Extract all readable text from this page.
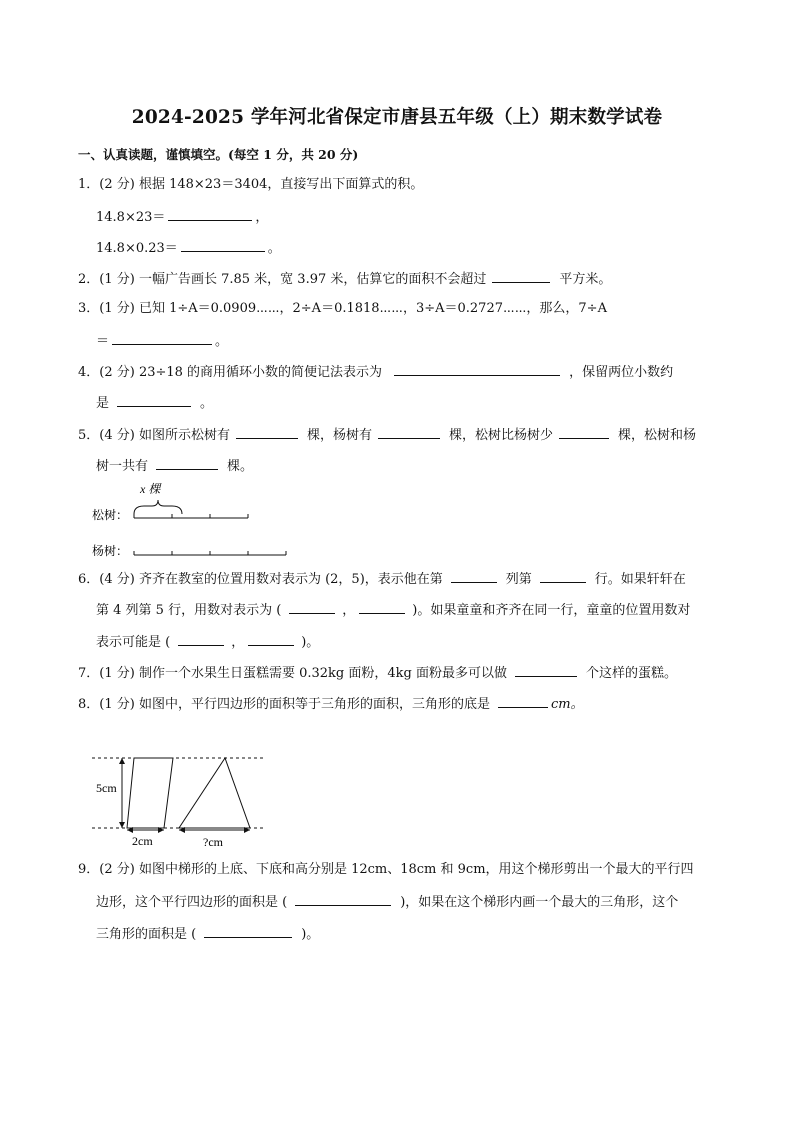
2024-2025 学年河北省保定市唐县五年级（上）期末数学试卷
一、认真读题，谨慎填空。(每空 1 分，共 20 分)
1．(2 分) 根据 148×23＝3404，直接写出下面算式的积。
14.8×23＝	，
14.8×0.23＝	。
2．(1 分) 一幅广告画长 7.85 米，宽 3.97 米，估算它的面积不会超过	平方米。
3．(1 分) 已知 1÷A＝0.0909⋯⋯，2÷A＝0.1818⋯⋯，3÷A＝0.2727⋯⋯，那么，7÷A
＝	。
4．(2 分) 23÷18 的商用循环小数的简便记法表示为	，保留两位小数约
是	。
5．(4 分) 如图所示松树有	棵，杨树有	棵，松树比杨树少	棵，松树和杨
树一共有	棵。
x 棵
松树：
杨树：
6．(4 分) 齐齐在教室的位置用数对表示为 (2，5)，表示他在第	列第	行。如果轩轩在
第 4 列第 5 行，用数对表示为 (	，	)。如果童童和齐齐在同一行，童童的位置用数对
表示可能是 (	，	)。
7．(1 分) 制作一个水果生日蛋糕需要 0.32kg 面粉，4kg 面粉最多可以做	个这样的蛋糕。
8．(1 分) 如图中，平行四边形的面积等于三角形的面积，三角形的底是	cm。
5cm
2cm	?cm
9．(2 分) 如图中梯形的上底、下底和高分别是 12cm、18cm 和 9cm，用这个梯形剪出一个最大的平行四
边形，这个平行四边形的面积是 (	)，如果在这个梯形内画一个最大的三角形，这个
三角形的面积是 (	)。
